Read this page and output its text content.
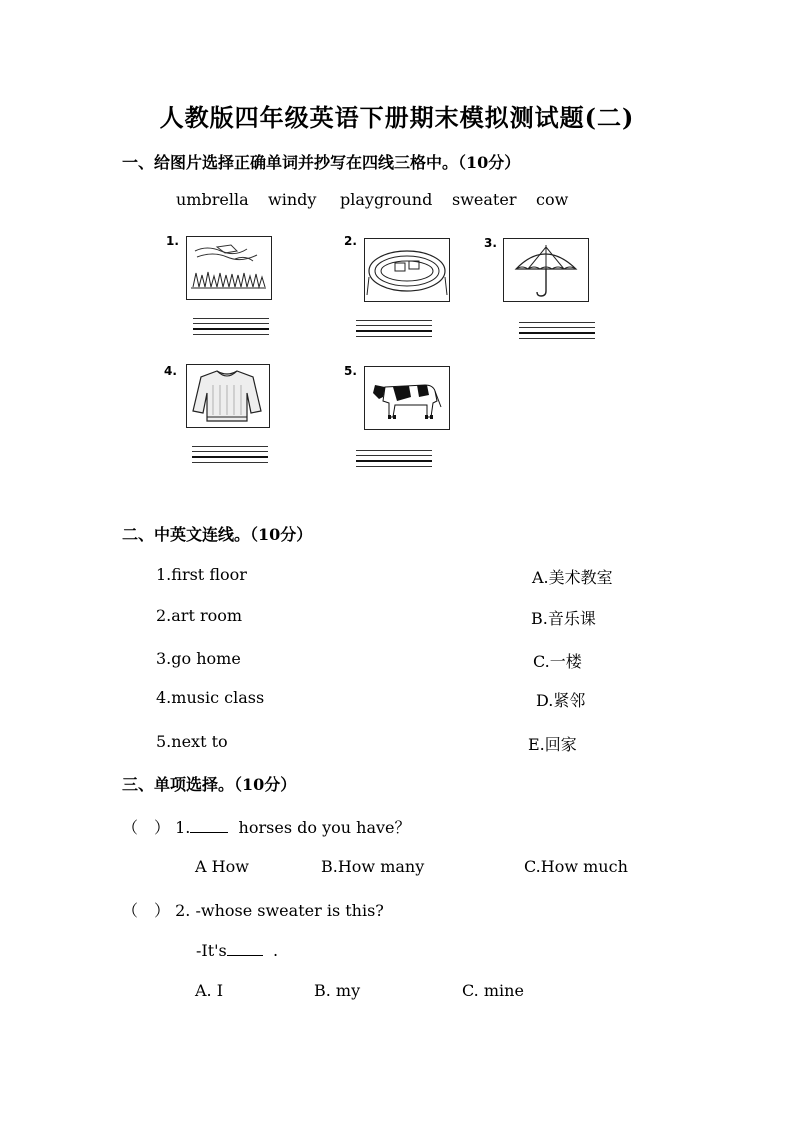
人教版四年级英语下册期末模拟测试题(二)
一、给图片选择正确单词并抄写在四线三格中。（10分）
umbrella windy playground sweater cow
1.	2.	3.
4.	5.
二、中英文连线。（10分）
1.first floor
2.art room
3.go home
4.music class
5.next to
A.美术教室
B.音乐课
C.一楼
D.紧邻
E.回家
三、单项选择。（10分）
（　） 1.	horses do you have？
A How	B.How many	C.How much
（　） 2. -whose sweater is this?
-It's	.
A. I	B. my	C. mine
